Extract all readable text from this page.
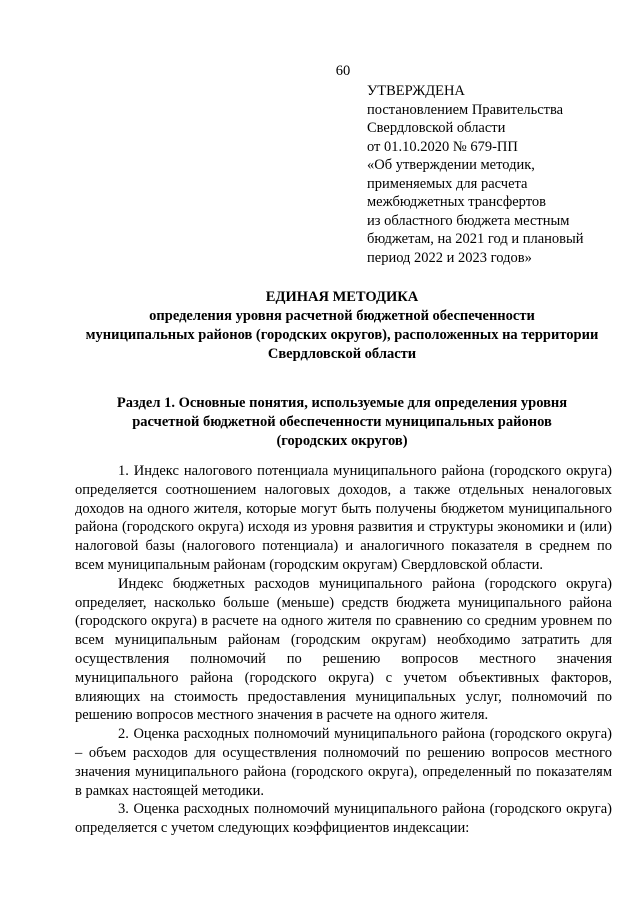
60
УТВЕРЖДЕНА
постановлением Правительства
Свердловской области
от 01.10.2020 № 679-ПП
«Об утверждении методик,
применяемых для расчета
межбюджетных трансфертов
из областного бюджета местным
бюджетам, на 2021 год и плановый
период 2022 и 2023 годов»
ЕДИНАЯ МЕТОДИКА
определения уровня расчетной бюджетной обеспеченности
муниципальных районов (городских округов), расположенных на территории
Свердловской области
Раздел 1. Основные понятия, используемые для определения уровня
расчетной бюджетной обеспеченности муниципальных районов
(городских округов)

1. Индекс налогового потенциала муниципального района (городского округа) определяется соотношением налоговых доходов, а также отдельных неналоговых доходов на одного жителя, которые могут быть получены бюджетом муниципального района (городского округа) исходя из уровня развития и структуры экономики и (или) налоговой базы (налогового потенциала) и аналогичного показателя в среднем по всем муниципальным районам (городским округам) Свердловской области.

Индекс бюджетных расходов муниципального района (городского округа) определяет, насколько больше (меньше) средств бюджета муниципального района (городского округа) в расчете на одного жителя по сравнению со средним уровнем по всем муниципальным районам (городским округам) необходимо затратить для осуществления полномочий по решению вопросов местного значения муниципального района (городского округа) с учетом объективных факторов, влияющих на стоимость предоставления муниципальных услуг, полномочий по решению вопросов местного значения в расчете на одного жителя.

2. Оценка расходных полномочий муниципального района (городского округа) – объем расходов для осуществления полномочий по решению вопросов местного значения муниципального района (городского округа), определенный по показателям в рамках настоящей методики.

3. Оценка расходных полномочий муниципального района (городского округа) определяется с учетом следующих коэффициентов индексации:
